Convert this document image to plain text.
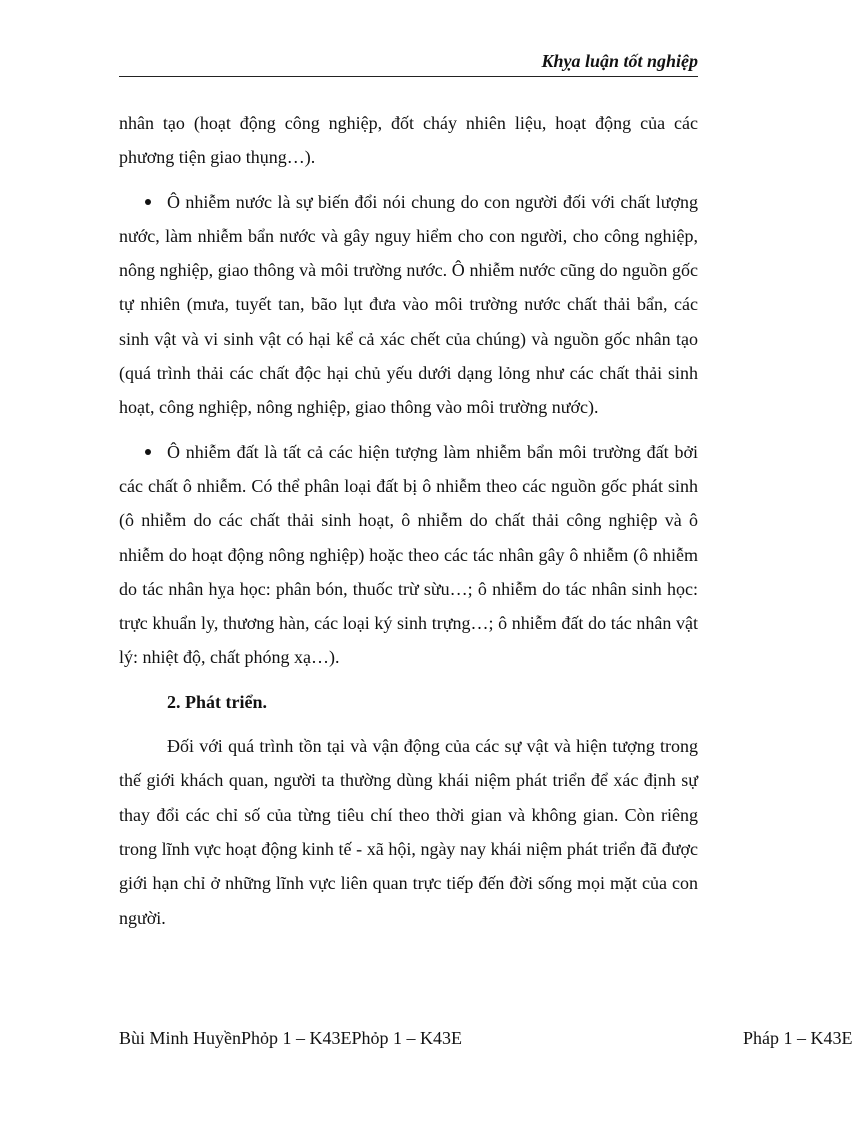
Khỵa luận tốt nghiệp

nhân tạo (hoạt động công nghiệp, đốt cháy nhiên liệu, hoạt động của các phương tiện giao thụng…).

Ô nhiễm nước là sự biến đổi nói chung do con người đối với chất lượng nước, làm nhiễm bẩn nước và gây nguy hiểm cho con người, cho công nghiệp, nông nghiệp, giao thông và môi trường nước. Ô nhiễm nước cũng do nguồn gốc tự nhiên (mưa, tuyết tan, bão lụt đưa vào môi trường nước chất thải bẩn, các sinh vật và vi sinh vật có hại kể cả xác chết của chúng) và nguồn gốc nhân tạo (quá trình thải các chất độc hại chủ yếu dưới dạng lỏng như các chất thải sinh hoạt, công nghiệp, nông nghiệp, giao thông vào môi trường nước).
Ô nhiễm đất là tất cả các hiện tượng làm nhiễm bẩn môi trường đất bởi các chất ô nhiễm. Có thể phân loại đất bị ô nhiễm theo các nguồn gốc phát sinh (ô nhiễm do các chất thải sinh hoạt, ô nhiễm do chất thải công nghiệp và ô nhiễm do hoạt động nông nghiệp) hoặc theo các tác nhân gây ô nhiễm (ô nhiễm do tác nhân hỵa học: phân bón, thuốc trừ sừu…; ô nhiễm do tác nhân sinh học: trực khuẩn ly, thương hàn, các loại ký sinh trựng…; ô nhiễm đất do tác nhân vật lý: nhiệt độ, chất phóng xạ…).

2. Phát triển.

Đối với quá trình tồn tại và vận động của các sự vật và hiện tượng trong thế giới khách quan, người ta thường dùng khái niệm phát triển để xác định sự thay đổi các chỉ số của từng tiêu chí theo thời gian và không gian. Còn riêng trong lĩnh vực hoạt động kinh tế - xã hội, ngày nay khái niệm phát triển đã được giới hạn chỉ ở những lĩnh vực liên quan trực tiếp đến đời sống mọi mặt của con người.

Bùi Minh HuyềnPhỏp 1 – K43EPhỏp 1 – K43E	Pháp 1 – K43E
